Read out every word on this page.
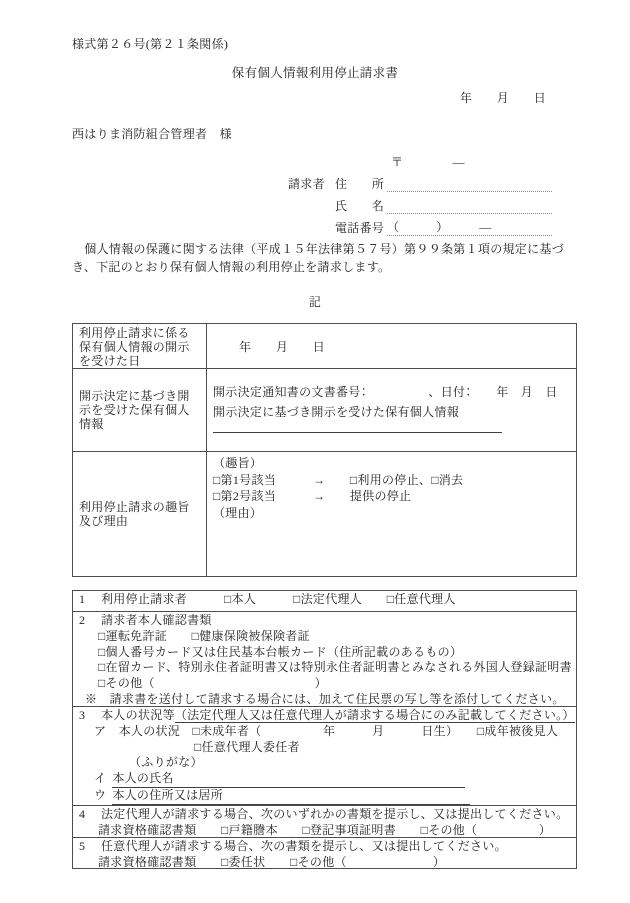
様式第２６号(第２１条関係)
保有個人情報利用停止請求書
年　　月　　日
西はりま消防組合管理者　様
〒　　　　―
請求者 住　　所
氏　　名
電話番号 （　　　）　　　―
　個人情報の保護に関する法律（平成１５年法律第５７号）第９９条第１項の規定に基づ
き、下記のとおり保有個人情報の利用停止を請求します。
記
利用停止請求に係る保有個人情報の開示を受けた日
年　　月　　日
開示決定に基づき開示を受けた保有個人情報
開示決定通知書の文書番号：　　　　　、日付：　　年　月　日
開示決定に基づき開示を受けた保有個人情報
利用停止請求の趣旨及び理由
（趣旨）
□第1号該当　　　→　　□利用の停止、□消去
□第2号該当　　　→　　提供の停止
（理由）
1 利用停止請求者　　　□本人　　　□法定代理人　　□任意代理人
2 請求者本人確認書類
□運転免許証　　□健康保険被保険者証
□個人番号カード又は住民基本台帳カード（住所記載のあるもの）
□在留カード、特別永住者証明書又は特別永住者証明書とみなされる外国人登録証明書
□その他（　　　　　　　　　　　　　）
※　請求書を送付して請求する場合には、加えて住民票の写し等を添付してください。
3 本人の状況等（法定代理人又は任意代理人が請求する場合にのみ記載してください。）
ア　本人の状況　□未成年者（　　　　　年　　　月　　　日生）　　□成年被後見人
□任意代理人委任者
（ふりがな）
イ 本人の氏名
ウ 本人の住所又は居所
4 法定代理人が請求する場合、次のいずれかの書類を提示し、又は提出してください。
請求資格確認書類　　□戸籍謄本　　□登記事項証明書　　□その他（　　　　　）
5 任意代理人が請求する場合、次の書類を提示し、又は提出してください。
請求資格確認書類　　□委任状　　□その他（　　　　　　　）
